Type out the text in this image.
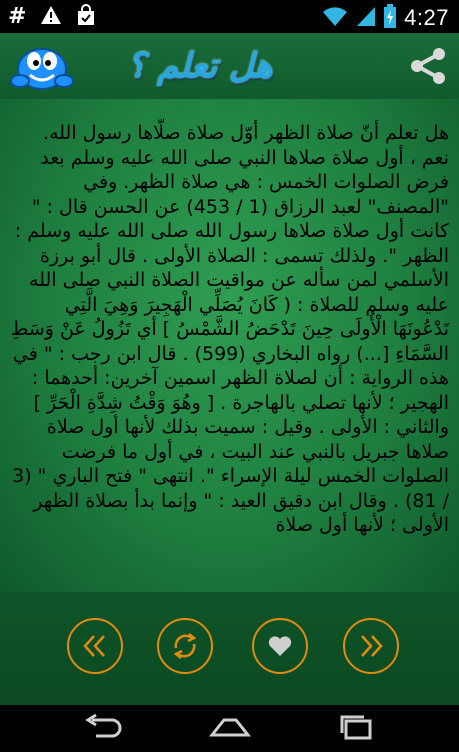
#	4:27
هل تعلم ؟

هل تعلم أنّ صلاة الظهر أوّل صلاة صلّاها رسول الله.

نعم ، أول صلاة صلاها النبي صلى الله عليه وسلم بعد فرض الصلوات الخمس : هي صلاة الظهر. وفي "المصنف" لعبد الرزاق (1 / 453) عن الحسن قال : " كانت أول صلاة صلاها رسول الله صلى الله عليه وسلم : الظهر ". ولذلك تسمى : الصلاة الأولى . قال أبو برزة الأسلمي لمن سأله عن مواقيت الصلاة النبي صلى الله عليه وسلم للصلاة : ( كَانَ يُصَلِّي الْهَجِيرَ وَهِيَ الَّتِي تَدْعُونَهَا الْأُولَى حِينَ تَدْحَضُ الشَّمْسُ ] أي تَزُولُ عَنْ وَسَطِ السَّمَاءِ [...) رواه البخاري (599) . قال ابن رجب : " في هذه الرواية : أن لصلاة الظهر اسمين آخرين: أحدهما : الهجير ؛ لأنها تصلي بالهاجرة . [ وهُوَ وَقْتُ شِدَّةِ الْحَرِّ ] والثاني : الأولى . وقيل : سميت بذلك لأنها أول صلاة صلاها جبريل بالنبي عند البيت ، في أول ما فرضت الصلوات الخمس ليلة الإسراء ". انتهى " فتح الباري " (3 / 81) . وقال ابن دقيق العيد : " وإنما بدأ بصلاة الظهر الأولى ؛ لأنها أول صلاة
